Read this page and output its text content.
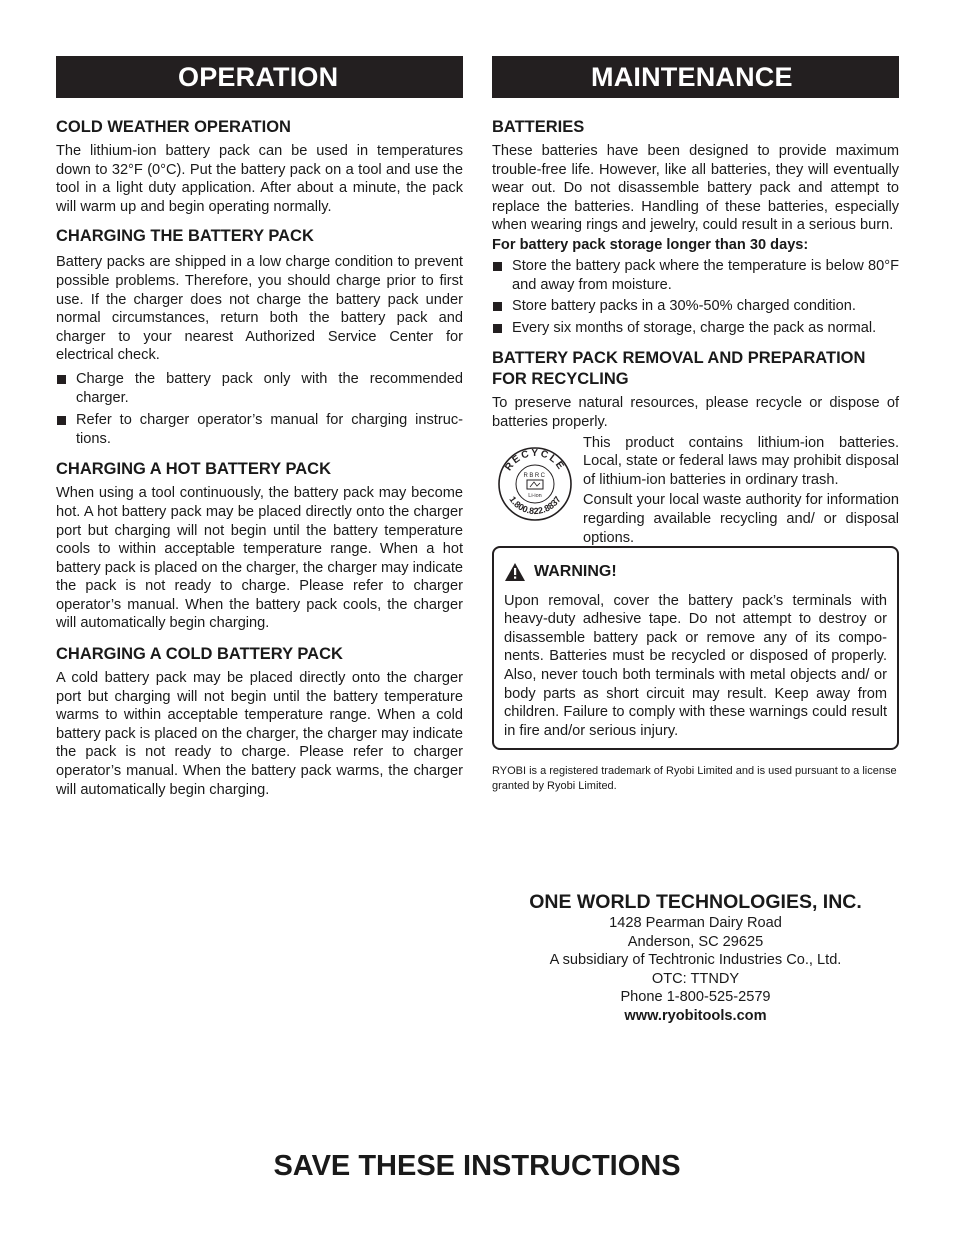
OPERATION
COLD WEATHER OPERATION

The lithium-ion battery pack can be used in temperatures down to 32°F (0°C). Put the battery pack on a tool and use the tool in a light duty application. After about a minute, the pack will warm up and begin operating normally.

CHARGING THE BATTERY PACK

Battery packs are shipped in a low charge condition to prevent possible problems. Therefore, you should charge prior to first use. If the charger does not charge the battery pack under normal circumstances, return both the battery pack and charger to your nearest Authorized Service Center for electrical check.

Charge the battery pack only with the recommended charger.
Refer to charger operator’s manual for charging instruc-tions.
CHARGING A HOT BATTERY PACK

When using a tool continuously, the battery pack may become hot. A hot battery pack may be placed directly onto the charger port but charging will not begin until the battery temperature cools to within acceptable temperature range. When a hot battery pack is placed on the charger, the charger may indicate the pack is not ready to charge. Please refer to charger operator’s manual. When the battery pack cools, the charger will automatically begin charging.

CHARGING A COLD BATTERY PACK

A cold battery pack may be placed directly onto the charger port but charging will not begin until the battery temperature warms to within acceptable temperature range. When a cold battery pack is placed on the charger, the charger may indicate the pack is not ready to charge. Please refer to charger operator’s manual. When the battery pack warms, the charger will automatically begin charging.

MAINTENANCE
BATTERIES

These batteries have been designed to provide maximum trouble-free life. However, like all batteries, they will eventually wear out. Do not disassemble battery pack and attempt to replace the batteries. Handling of these batteries, especially when wearing rings and jewelry, could result in a serious burn.

For battery pack storage longer than 30 days:
Store the battery pack where the temperature is below 80°F and away from moisture.
Store battery packs in a 30%-50% charged condition.
Every six months of storage, charge the pack as normal.
BATTERY PACK REMOVAL AND PREPARATION FOR RECYCLING

To preserve natural resources, please recycle or dispose of batteries properly.

RECYCLE
1.800.822.8837
RBRC
Li-ion

This product contains lithium-ion batteries. Local, state or federal laws may prohibit disposal of lithium-ion batteries in ordinary trash.

Consult your local waste authority for information regarding available recycling and/ or disposal options.

WARNING!

Upon removal, cover the battery pack’s terminals with heavy-duty adhesive tape. Do not attempt to destroy or disassemble battery pack or remove any of its compo-nents. Batteries must be recycled or disposed of properly. Also, never touch both terminals with metal objects and/ or body parts as short circuit may result. Keep away from children. Failure to comply with these warnings could result in fire and/or serious injury.

RYOBI is a registered trademark of Ryobi Limited and is used pursuant to a license granted by Ryobi Limited.

ONE WORLD TECHNOLOGIES, INC.
1428 Pearman Dairy Road
Anderson, SC 29625
A subsidiary of Techtronic Industries Co., Ltd.
OTC: TTNDY
Phone 1-800-525-2579
www.ryobitools.com
SAVE THESE INSTRUCTIONS
